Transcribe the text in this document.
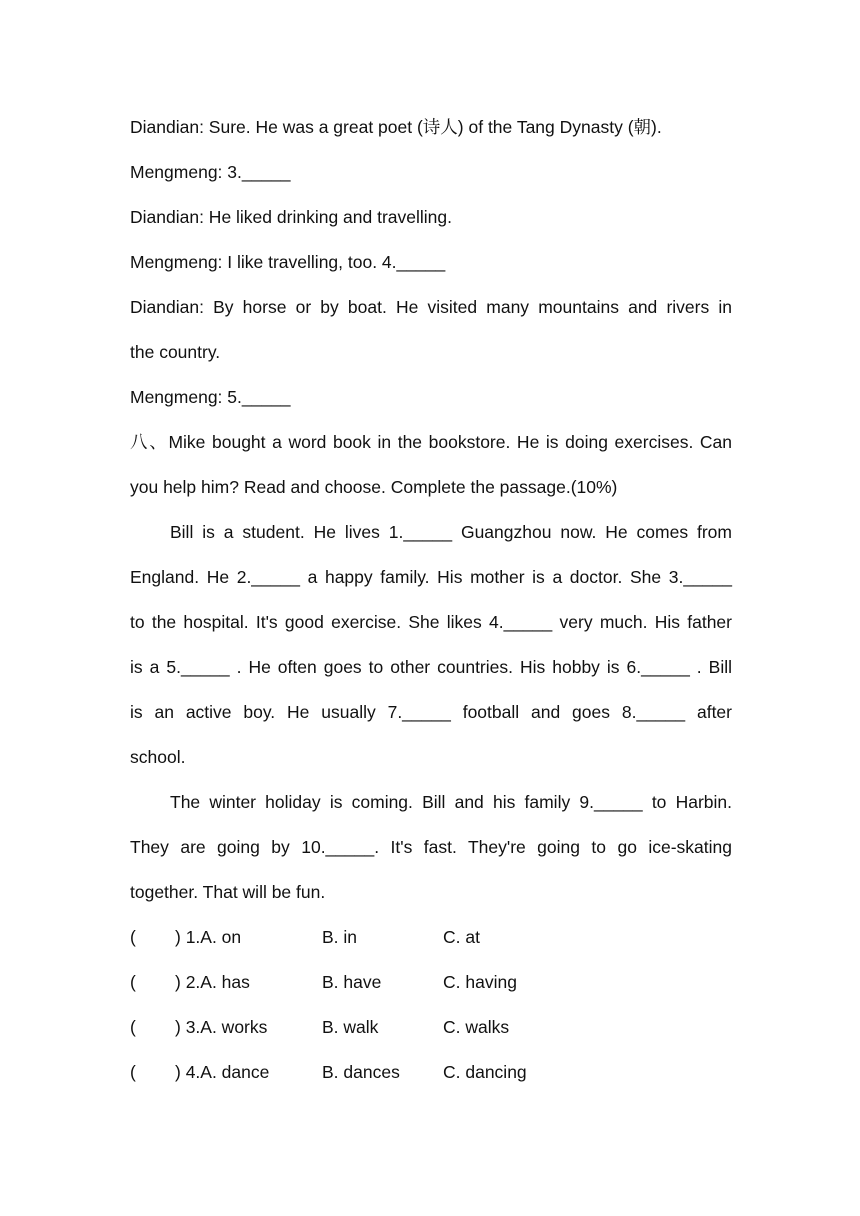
Diandian: Sure. He was a great poet (诗人) of the Tang Dynasty (朝).
Mengmeng: 3._____
Diandian: He liked drinking and travelling.
Mengmeng: I like travelling, too. 4._____
Diandian: By horse or by boat. He visited many mountains and rivers in
the country.
Mengmeng: 5._____
八、Mike bought a word book in the bookstore. He is doing exercises. Can
you help him? Read and choose. Complete the passage.(10%)
Bill is a student. He lives 1._____ Guangzhou now. He comes from
England. He 2._____ a happy family. His mother is a doctor. She 3._____
to the hospital. It's good exercise. She likes 4._____ very much. His father
is a 5._____ . He often goes to other countries. His hobby is 6._____ . Bill
is an active boy. He usually 7._____ football and goes 8._____ after
school.
The winter holiday is coming. Bill and his family 9._____ to Harbin.
They are going by 10._____. It's fast. They're going to go ice-skating
together. That will be fun.
( ) 1.A. on	B. in	C. at
( ) 2.A. has	B. have	C. having
( ) 3.A. works	B. walk	C. walks
( ) 4.A. dance	B. dances C. dancing
